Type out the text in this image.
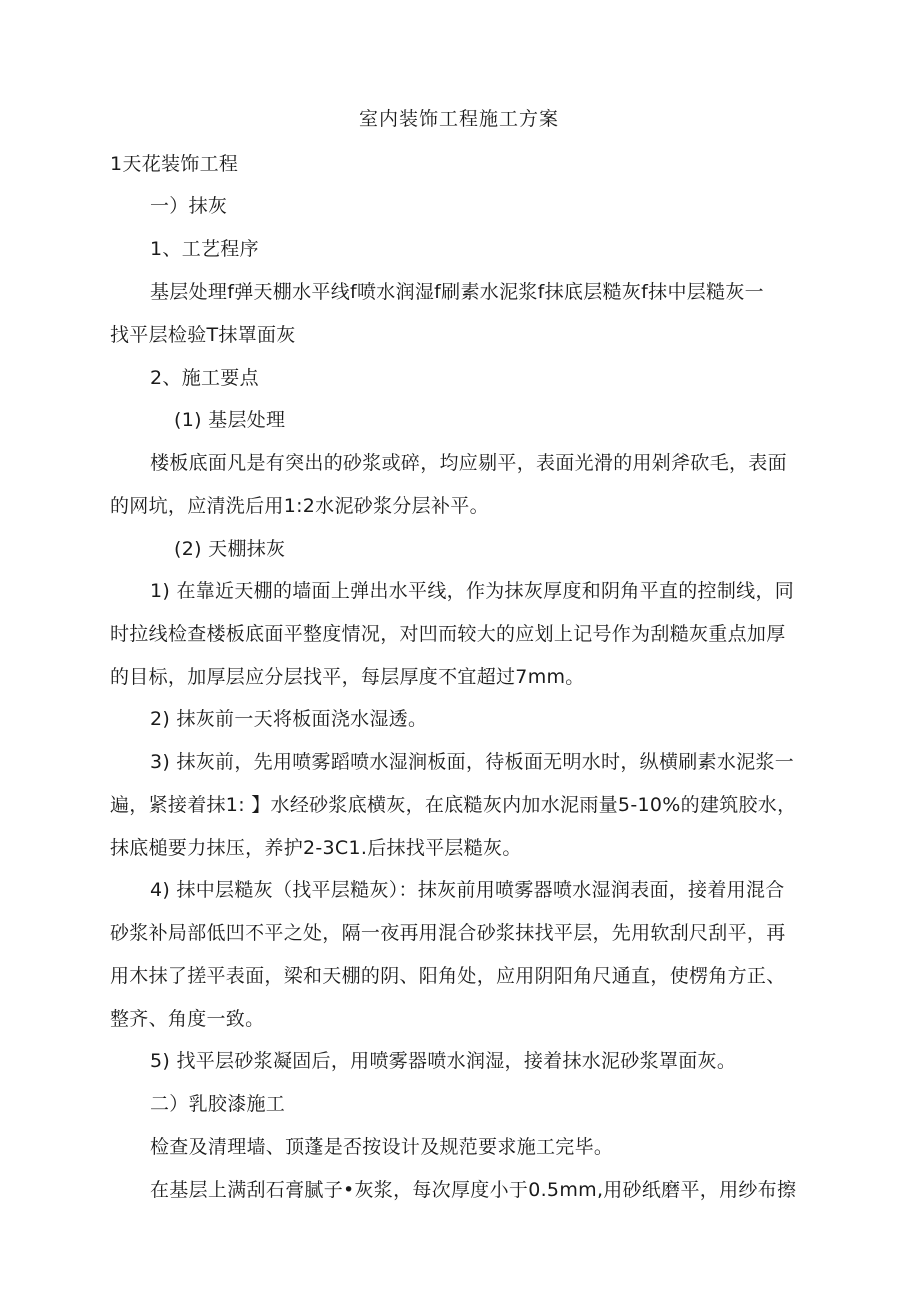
室内装饰工程施工方案
1天花装饰工程
一）抹灰
1、工艺程序
基层处理f弹天棚水平线f喷水润湿f刷素水泥浆f抹底层糙灰f抹中层糙灰一
找平层检验T抹罩面灰
2、施工要点
(1) 基层处理
楼板底面凡是有突出的砂浆或碎，均应剔平，表面光滑的用剁斧砍毛，表面
的网坑，应清洗后用1:2水泥砂浆分层补平。
(2) 天棚抹灰
1) 在靠近天棚的墙面上弹出水平线，作为抹灰厚度和阴角平直的控制线，同
时拉线检查楼板底面平整度情况，对凹而较大的应划上记号作为刮糙灰重点加厚
的目标，加厚层应分层找平，每层厚度不宜超过7mm。
2) 抹灰前一天将板面浇水湿透。
3) 抹灰前，先用喷雾蹈喷水湿涧板面，待板面无明水时，纵横刷素水泥浆一
遍，紧接着抹1: 】水经砂浆底横灰，在底糙灰内加水泥雨量5-10%的建筑胶水，
抹底槌要力抹压，养护2-3C1.后抹找平层糙灰。
4) 抹中层糙灰（找平层糙灰）：抹灰前用喷雾器喷水湿润表面，接着用混合
砂浆补局部低凹不平之处，隔一夜再用混合砂浆抹找平层，先用软刮尺刮平，再
用木抹了搓平表面，梁和天棚的阴、阳角处，应用阴阳角尺通直，使楞角方正、
整齐、角度一致。
5) 找平层砂浆凝固后，用喷雾器喷水润湿，接着抹水泥砂浆罩面灰。
二）乳胶漆施工
检查及清理墙、顶蓬是否按设计及规范要求施工完毕。
在基层上满刮石膏腻子•灰浆，每次厚度小于0.5mm,用砂纸磨平，用纱布擦
